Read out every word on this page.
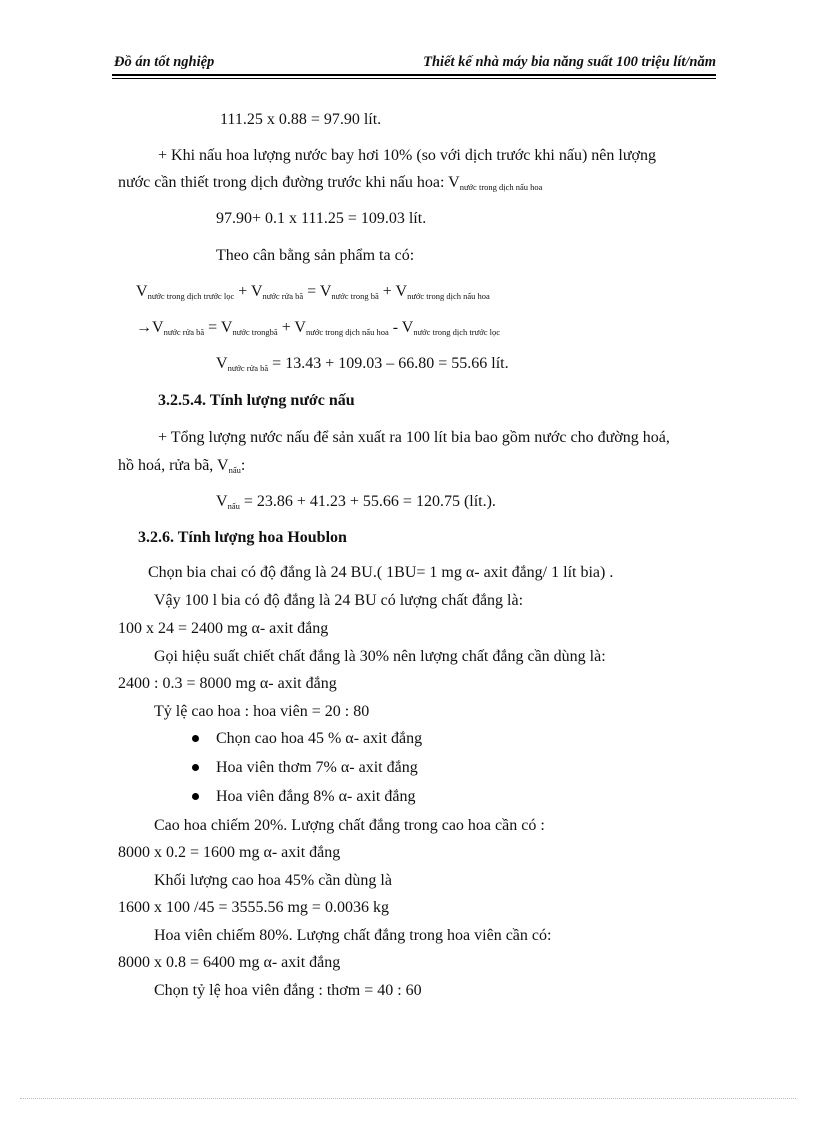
Đồ án tốt nghiệp	Thiết kế nhà máy bia năng suất 100 triệu lít/năm
111.25 x 0.88 = 97.90 lít.
+ Khi nấu hoa lượng nước bay hơi 10% (so với dịch trước khi nấu) nên lượng
nước cần thiết trong dịch đường trước khi nấu hoa: Vnước trong dịch nấu hoa
97.90+ 0.1 x 111.25 = 109.03 lít.
Theo cân bằng sản phẩm ta có:
Vnước trong dịch trước lọc + Vnước rửa bã = Vnước trong bã + Vnước trong dịch nấu hoa
→Vnước rửa bã = Vnước trongbã + Vnước trong dịch nấu hoa - Vnước trong dịch trước lọc
Vnước rửa bã = 13.43 + 109.03 – 66.80 = 55.66 lít.
3.2.5.4. Tính lượng nước nấu
+ Tổng lượng nước nấu để sản xuất ra 100 lít bia bao gồm nước cho đường hoá,
hồ hoá, rửa bã, Vnấu:
Vnấu = 23.86 + 41.23 + 55.66 = 120.75 (lít.).
3.2.6. Tính lượng hoa Houblon
Chọn bia chai có độ đắng là 24 BU.( 1BU= 1 mg α- axit đắng/ 1 lít bia) .
Vậy 100 l bia có độ đắng là 24 BU có lượng chất đắng là:
100 x 24 = 2400 mg α- axit đắng
Gọi hiệu suất chiết chất đắng là 30% nên lượng chất đắng cần dùng là:
2400 : 0.3 = 8000 mg α- axit đắng
Tỷ lệ cao hoa : hoa viên = 20 : 80
Chọn cao hoa 45 % α- axit đắng
Hoa viên thơm 7% α- axit đắng
Hoa viên đắng 8% α- axit đắng
Cao hoa chiếm 20%. Lượng chất đắng trong cao hoa cần có :
8000 x 0.2 = 1600 mg α- axit đắng
Khối lượng cao hoa 45% cần dùng là
1600 x 100 /45 = 3555.56 mg = 0.0036 kg
Hoa viên chiếm 80%. Lượng chất đắng trong hoa viên cần có:
8000 x 0.8 = 6400 mg α- axit đắng
Chọn tỷ lệ hoa viên đắng : thơm = 40 : 60
